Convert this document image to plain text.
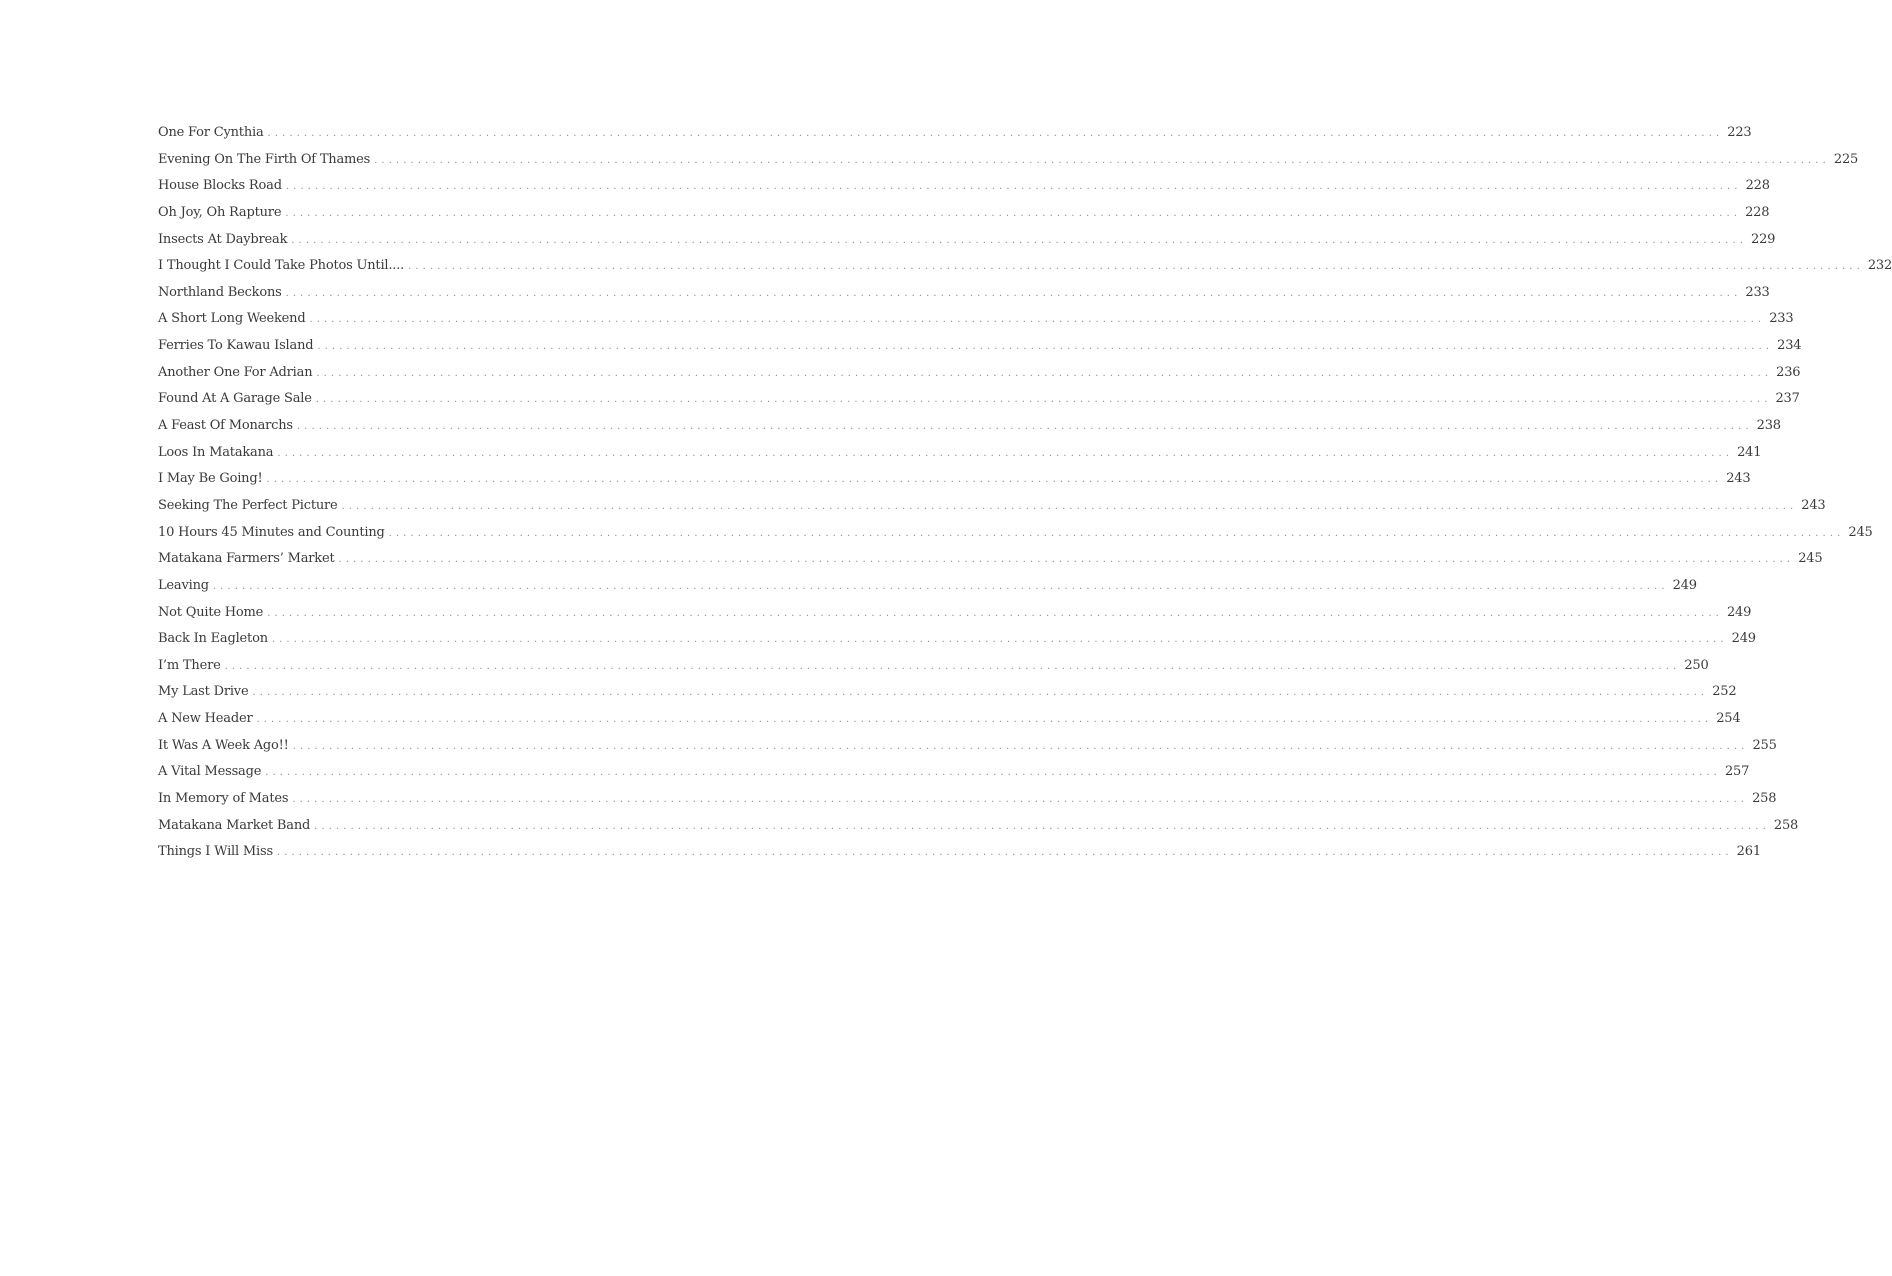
One For Cynthia ........................................................................................................................................................................................................ 223
Evening On The Firth Of Thames ........................................................................................................................................................................................................ 225
House Blocks Road ........................................................................................................................................................................................................ 228
Oh Joy, Oh Rapture ........................................................................................................................................................................................................ 228
Insects At Daybreak ........................................................................................................................................................................................................ 229
I Thought I Could Take Photos Until.... ........................................................................................................................................................................................................ 232
Northland Beckons ........................................................................................................................................................................................................ 233
A Short Long Weekend ........................................................................................................................................................................................................ 233
Ferries To Kawau Island ........................................................................................................................................................................................................ 234
Another One For Adrian ........................................................................................................................................................................................................ 236
Found At A Garage Sale ........................................................................................................................................................................................................ 237
A Feast Of Monarchs ........................................................................................................................................................................................................ 238
Loos In Matakana ........................................................................................................................................................................................................ 241
I May Be Going! ........................................................................................................................................................................................................ 243
Seeking The Perfect Picture ........................................................................................................................................................................................................ 243
10 Hours 45 Minutes and Counting ........................................................................................................................................................................................................ 245
Matakana Farmers’ Market ........................................................................................................................................................................................................ 245
Leaving ........................................................................................................................................................................................................ 249
Not Quite Home ........................................................................................................................................................................................................ 249
Back In Eagleton ........................................................................................................................................................................................................ 249
I’m There ........................................................................................................................................................................................................ 250
My Last Drive ........................................................................................................................................................................................................ 252
A New Header ........................................................................................................................................................................................................ 254
It Was A Week Ago!! ........................................................................................................................................................................................................ 255
A Vital Message ........................................................................................................................................................................................................ 257
In Memory of Mates ........................................................................................................................................................................................................ 258
Matakana Market Band ........................................................................................................................................................................................................ 258
Things I Will Miss ........................................................................................................................................................................................................ 261
